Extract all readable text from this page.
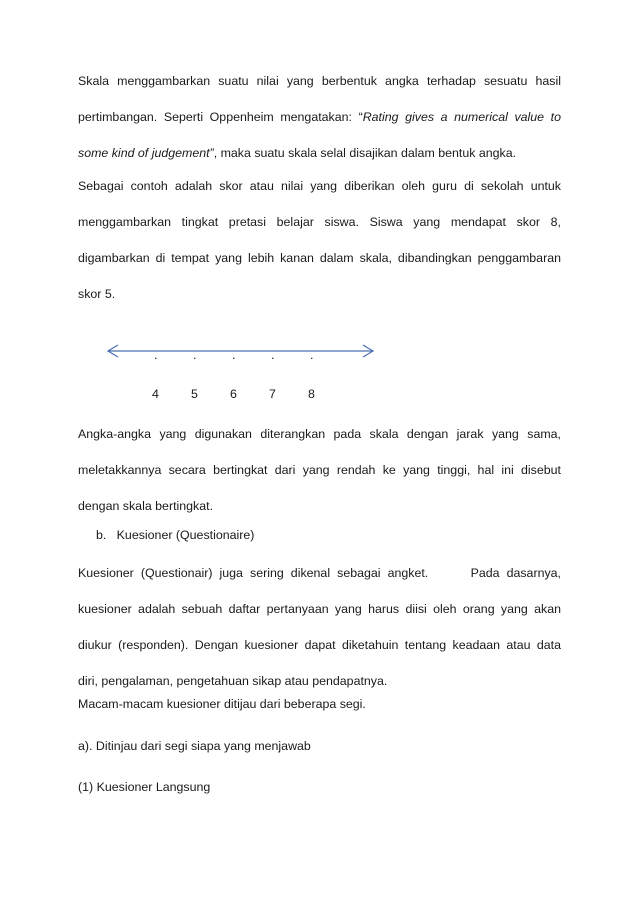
Skala menggambarkan suatu nilai yang berbentuk angka terhadap sesuatu hasil
pertimbangan. Seperti Oppenheim mengatakan: “Rating gives a numerical value to
some kind of judgement”, maka suatu skala selal disajikan dalam bentuk angka.
Sebagai contoh adalah skor atau nilai yang diberikan oleh guru di sekolah untuk
menggambarkan tingkat pretasi belajar siswa. Siswa yang mendapat skor 8,
digambarkan di tempat yang lebih kanan dalam skala, dibandingkan penggambaran
skor 5.
.	.	.	.	.
4	5	6	7	8
Angka-angka yang digunakan diterangkan pada skala dengan jarak yang sama,
meletakkannya secara bertingkat dari yang rendah ke yang tinggi, hal ini disebut
dengan skala bertingkat.
b.   Kuesioner (Questionaire)
Kuesioner (Questionair) juga sering dikenal sebagai angket.      Pada dasarnya,
kuesioner adalah sebuah daftar pertanyaan yang harus diisi oleh orang yang akan
diukur (responden). Dengan kuesioner dapat diketahuin tentang keadaan atau data
diri, pengalaman, pengetahuan sikap atau pendapatnya.
Macam-macam kuesioner ditijau dari beberapa segi.
a). Ditinjau dari segi siapa yang menjawab
(1) Kuesioner Langsung
